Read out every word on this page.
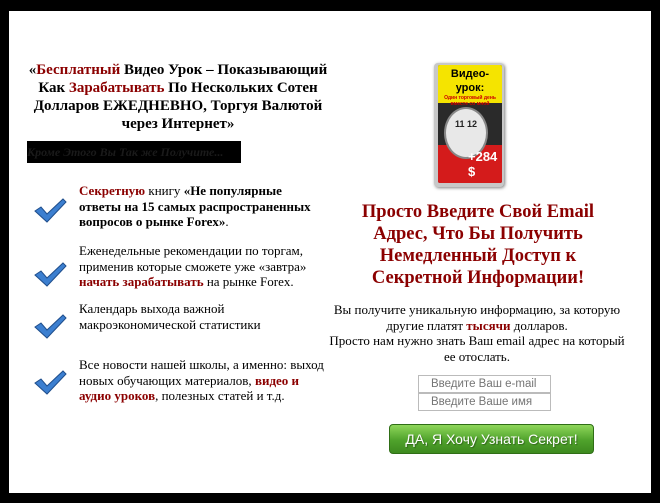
«Бесплатный Видео Урок – Показывающий Как Зарабатывать По Нескольких Сотен Долларов ЕЖЕДНЕВНО, Торгуя Валютой через Интернет»
Кроме Этого Вы Так же Получите...
Секретную книгу «Не популярные ответы на 15 самых распространенных вопросов о рынке Forex».
Еженедельные рекомендации по торгам, применив которые сможете уже «завтра» начать зарабатывать на рынке Forex.
Календарь выхода важной макроэкономической статистики
Все новости нашей школы, а именно: выход новых обучающих материалов, видео и аудио уроков, полезных статей и т.д.
Видео-урок:
Один торговый день вместе со мной
11 12
+284 $
Просто Введите Свой Email Адрес, Что Бы Получить Немедленный Доступ к Секретной Информации!
Вы получите уникальную информацию, за которую другие платят тысячи долларов.
Просто нам нужно знать Ваш email адрес на который ее отослать.
Введите Ваш e-mail
Введите Ваше имя
ДА, Я Хочу Узнать Секрет!
